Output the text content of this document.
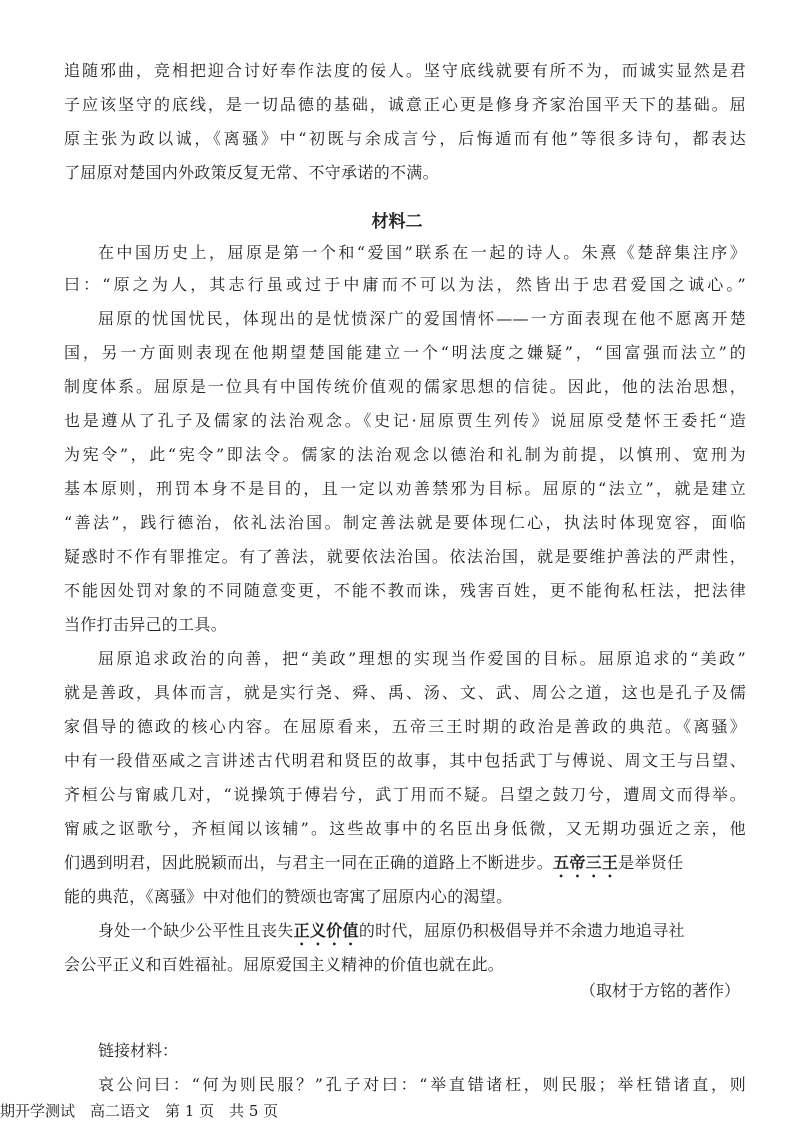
追随邪曲，竞相把迎合讨好奉作法度的佞人。坚守底线就要有所不为，而诚实显然是君
子应该坚守的底线，是一切品德的基础，诚意正心更是修身齐家治国平天下的基础。屈
原主张为政以诚，《离骚》中“初既与余成言兮，后悔遁而有他”等很多诗句，都表达
了屈原对楚国内外政策反复无常、不守承诺的不满。
材料二
在中国历史上，屈原是第一个和“爱国”联系在一起的诗人。朱熹《楚辞集注序》
曰：“原之为人，其志行虽或过于中庸而不可以为法，然皆出于忠君爱国之诚心。”
屈原的忧国忧民，体现出的是忧愤深广的爱国情怀——一方面表现在他不愿离开楚
国，另一方面则表现在他期望楚国能建立一个“明法度之嫌疑”，“国富强而法立”的
制度体系。屈原是一位具有中国传统价值观的儒家思想的信徒。因此，他的法治思想，
也是遵从了孔子及儒家的法治观念。《史记·屈原贾生列传》说屈原受楚怀王委托“造
为宪令”，此“宪令”即法令。儒家的法治观念以德治和礼制为前提，以慎刑、宽刑为
基本原则，刑罚本身不是目的，且一定以劝善禁邪为目标。屈原的“法立”，就是建立
“善法”，践行德治，依礼法治国。制定善法就是要体现仁心，执法时体现宽容，面临
疑惑时不作有罪推定。有了善法，就要依法治国。依法治国，就是要维护善法的严肃性，
不能因处罚对象的不同随意变更，不能不教而诛，残害百姓，更不能徇私枉法，把法律
当作打击异己的工具。
屈原追求政治的向善，把“美政”理想的实现当作爱国的目标。屈原追求的“美政”
就是善政，具体而言，就是实行尧、舜、禹、汤、文、武、周公之道，这也是孔子及儒
家倡导的德政的核心内容。在屈原看来，五帝三王时期的政治是善政的典范。《离骚》
中有一段借巫咸之言讲述古代明君和贤臣的故事，其中包括武丁与傅说、周文王与吕望、
齐桓公与甯戚几对，“说操筑于傅岩兮，武丁用而不疑。吕望之鼓刀兮，遭周文而得举。
甯戚之讴歌兮，齐桓闻以该辅”。这些故事中的名臣出身低微，又无期功强近之亲，他
们遇到明君，因此脱颖而出，与君主一同在正确的道路上不断进步。五帝三王是举贤任
能的典范，《离骚》中对他们的赞颂也寄寓了屈原内心的渴望。
身处一个缺少公平性且丧失正义价值的时代，屈原仍积极倡导并不余遗力地追寻社
会公平正义和百姓福祉。屈原爱国主义精神的价值也就在此。
（取材于方铭的著作）
链接材料：
哀公问曰：“何为则民服？”孔子对曰：“举直错诸枉，则民服；举枉错诸直，则
期开学测试　高二语文　第 1 页　共 5 页
